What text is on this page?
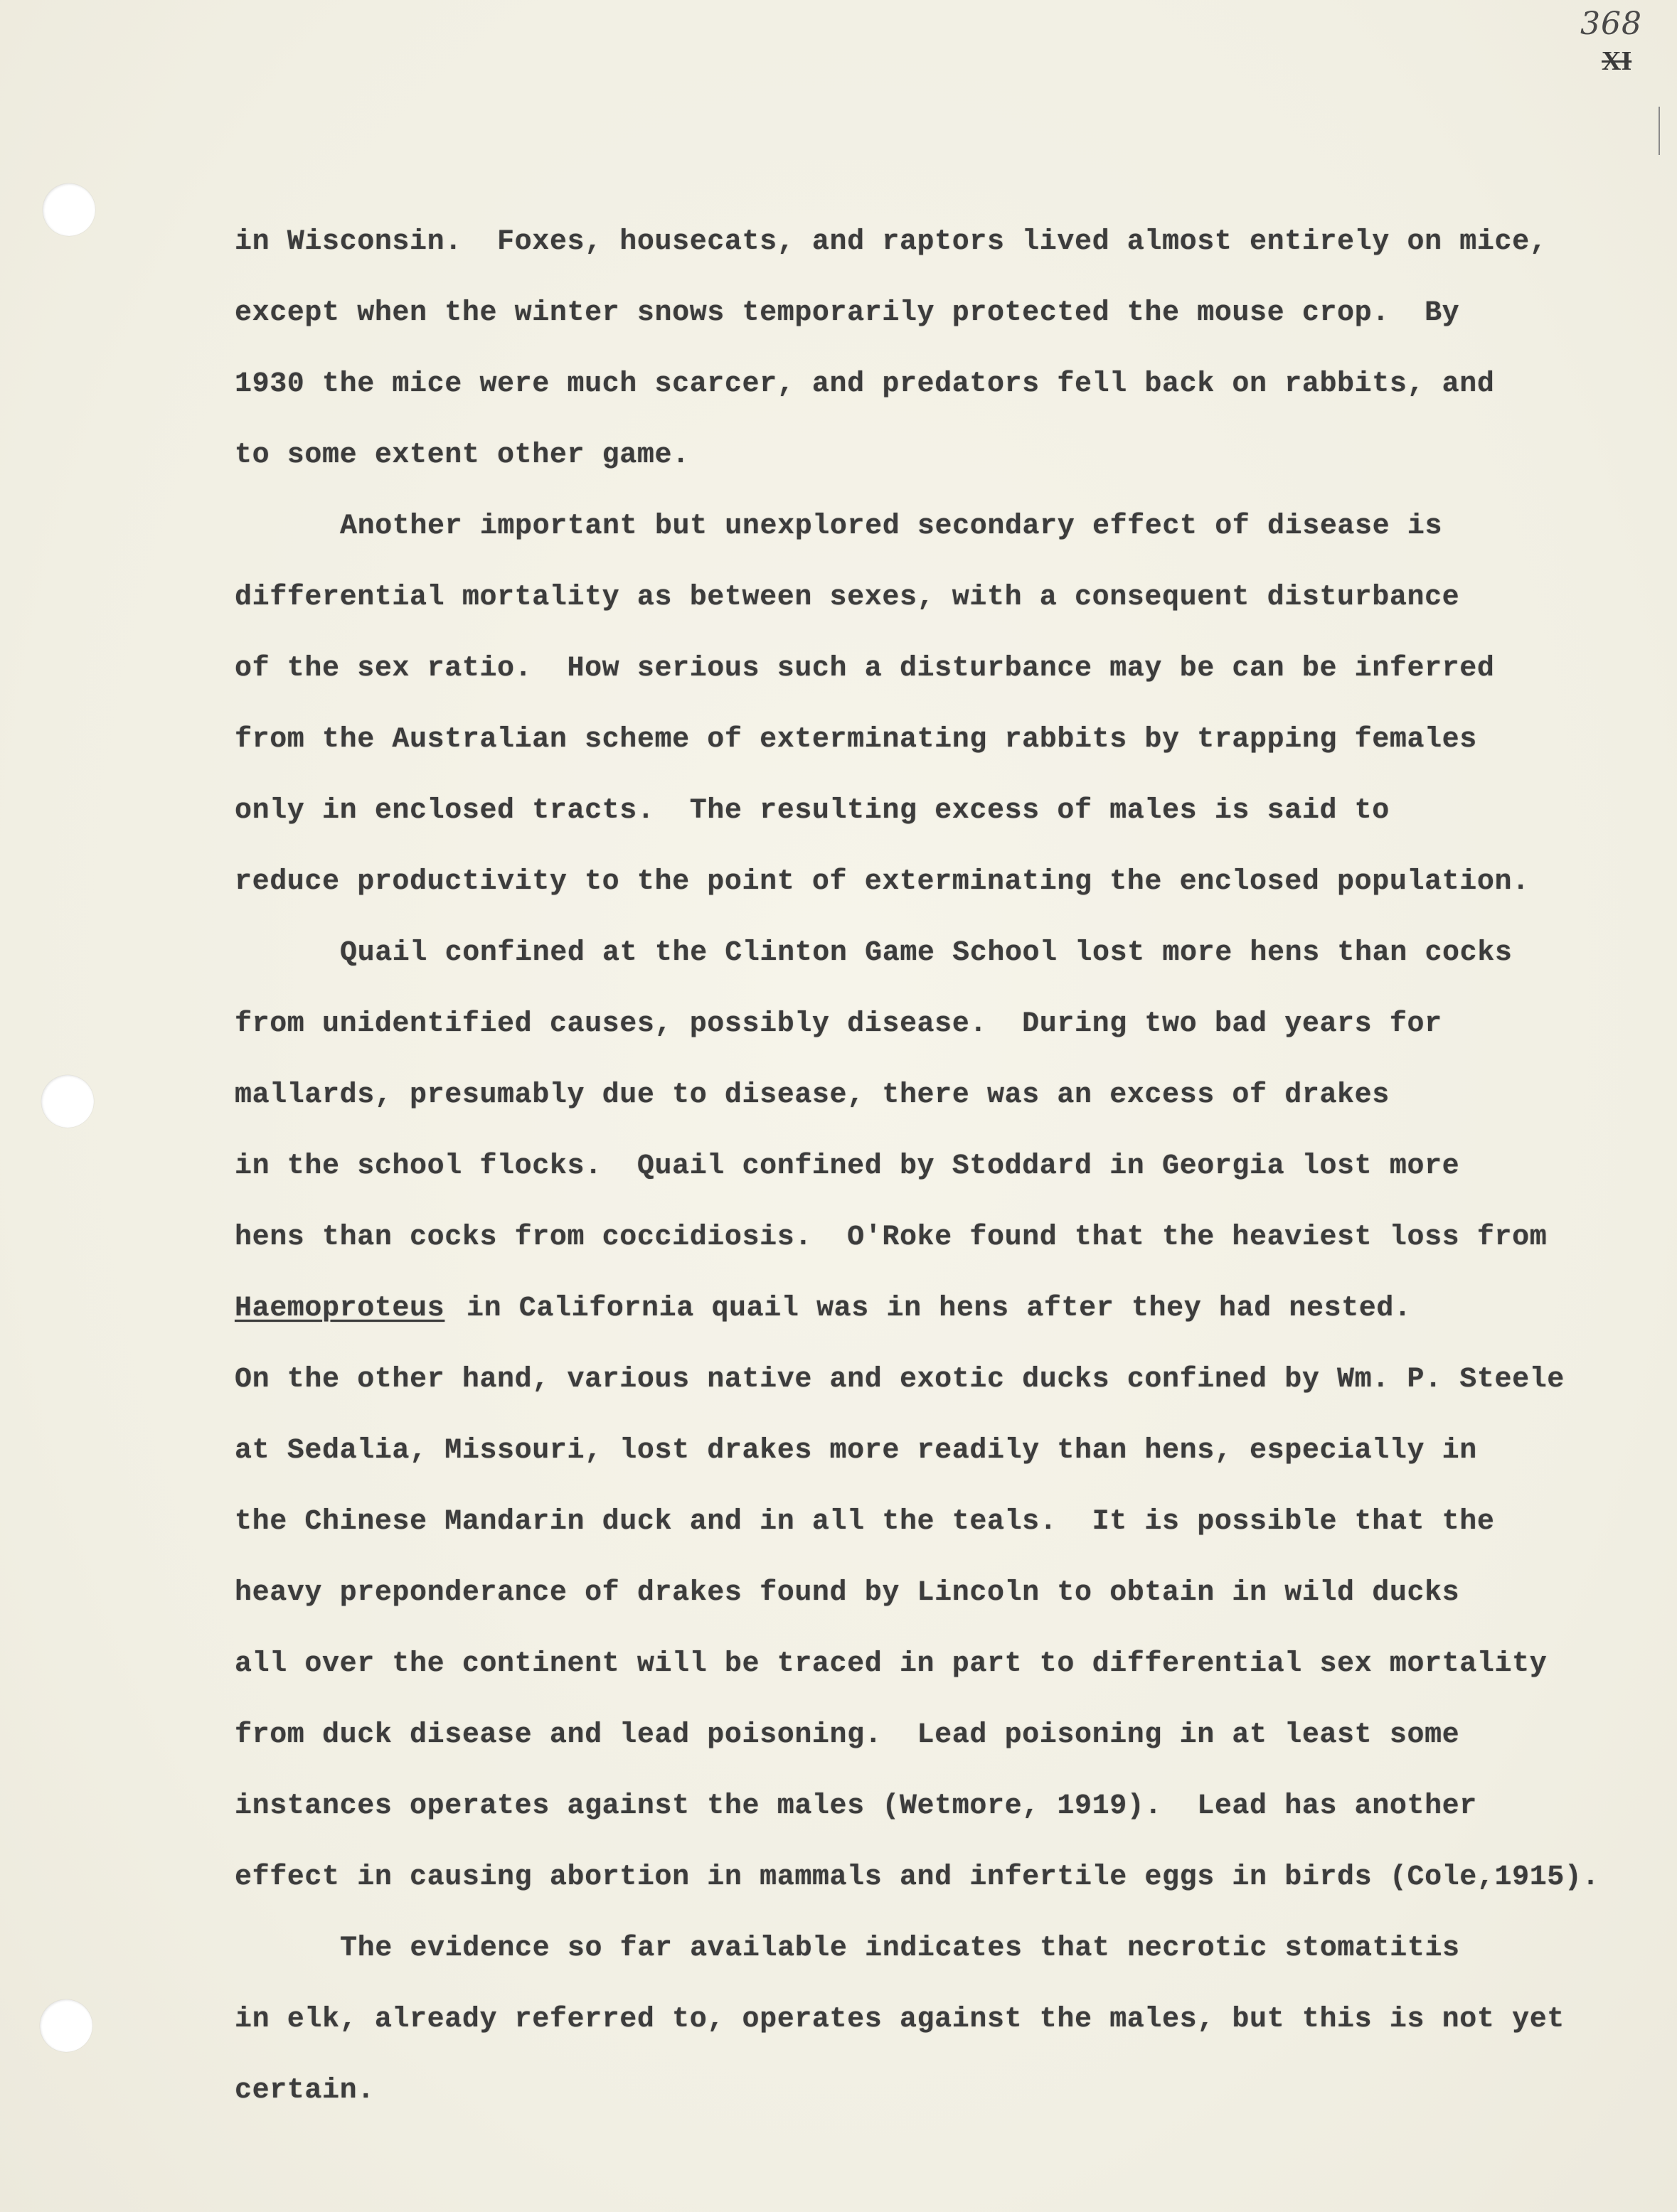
368
XI
in Wisconsin.  Foxes, housecats, and raptors lived almost entirely on mice,
except when the winter snows temporarily protected the mouse crop.  By
1930 the mice were much scarcer, and predators fell back on rabbits, and
to some extent other game.
Another important but unexplored secondary effect of disease is
differential mortality as between sexes, with a consequent disturbance
of the sex ratio.  How serious such a disturbance may be can be inferred
from the Australian scheme of exterminating rabbits by trapping females
only in enclosed tracts.  The resulting excess of males is said to
reduce productivity to the point of exterminating the enclosed population.
Quail confined at the Clinton Game School lost more hens than cocks
from unidentified causes, possibly disease.  During two bad years for
mallards, presumably due to disease, there was an excess of drakes
in the school flocks.  Quail confined by Stoddard in Georgia lost more
hens than cocks from coccidiosis.  O'Roke found that the heaviest loss from
Haemoproteus in California quail was in hens after they had nested.
On the other hand, various native and exotic ducks confined by Wm. P. Steele
at Sedalia, Missouri, lost drakes more readily than hens, especially in
the Chinese Mandarin duck and in all the teals.  It is possible that the
heavy preponderance of drakes found by Lincoln to obtain in wild ducks
all over the continent will be traced in part to differential sex mortality
from duck disease and lead poisoning.  Lead poisoning in at least some
instances operates against the males (Wetmore, 1919).  Lead has another
effect in causing abortion in mammals and infertile eggs in birds (Cole,1915).
The evidence so far available indicates that necrotic stomatitis
in elk, already referred to, operates against the males, but this is not yet
certain.
